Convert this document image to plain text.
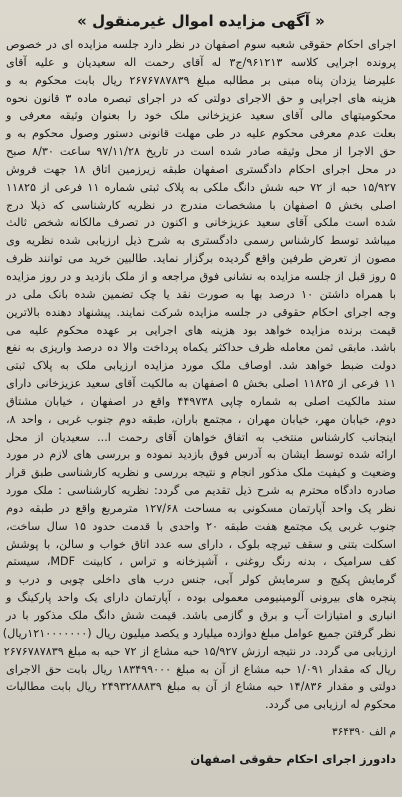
« آگهی مزایده اموال غیرمنقول »
اجرای احکام حقوقی شعبه سوم اصفهان در نظر دارد جلسه مزایده ای در خصوص
پرونده اجرایی کلاسه ۹۶۱۲۱۳/ج۳ له آقای رحمت اله سعیدیان و علیه آقای
علیرضا یزدان پناه مبنی بر مطالبه مبلغ ۲۶۷۶۷۸۷۸۳۹ ریال بابت محکوم به و
هزینه های اجرایی و حق الاجرای دولتی که در اجرای تبصره ماده ۳ قانون نحوه
محکومیتهای مالی آقای سعید عزیزخانی ملک خود را بعنوان وثیقه معرفی و
بعلت عدم معرفی محکوم علیه در طی مهلت قانونی دستور وصول محکوم به و
حق الاجرا از محل وثیقه صادر شده است در تاریخ ۹۷/۱۱/۲۸ ساعت ۸/۳۰ صبح
در محل اجرای احکام دادگستری اصفهان طبقه زیرزمین اتاق ۱۸ جهت فروش
۱۵/۹۲۷ حبه از ۷۲ حبه شش دانگ ملکی به پلاک ثبتی شماره ۱۱ فرعی از ۱۱۸۲۵
اصلی بخش ۵ اصفهان با مشخصات مندرج در نظریه کارشناسی که ذیلا درج
شده است ملکی آقای سعید عزیزخانی و اکنون در تصرف مالکانه شخص ثالث
میباشد توسط کارشناس رسمی دادگستری به شرح ذیل ارزیابی شده نظریه وی
مصون از تعرض طرفین واقع گردیده برگزار نماید. طالبین خرید می توانند ظرف
۵ روز قبل از جلسه مزایده به نشانی فوق مراجعه و از ملک بازدید و در روز مزایده
با همراه داشتن ۱۰ درصد بها به صورت نقد یا چک تضمین شده بانک ملی در
وجه اجرای احکام حقوقی در جلسه مزایده شرکت نمایند. پیشنهاد دهنده بالاترین
قیمت برنده مزایده خواهد بود هزینه های اجرایی بر عهده محکوم علیه می
باشد. مابقی ثمن معامله ظرف حداکثر یکماه پرداخت والا ده درصد واریزی به نفع
دولت ضبط خواهد شد. اوصاف ملک مورد مزایده ارزیابی ملک به پلاک ثبتی
۱۱ فرعی از ۱۱۸۲۵ اصلی بخش ۵ اصفهان به مالکیت آقای سعید عزیزخانی دارای
سند مالکیت اصلی به شماره چاپی ۴۴۹۷۳۸ واقع در اصفهان ، خیابان مشتاق
دوم، خیابان مهر، خیابان مهران ، مجتمع باران، طبقه دوم جنوب غربی ، واحد ۸،
اینجانب کارشناس منتخب به اتفاق خواهان آقای رحمت ا... سعیدیان از محل
ارائه شده توسط ایشان به آدرس فوق بازدید نموده و بررسی های لازم در مورد
وضعیت و کیفیت ملک مذکور انجام و نتیجه بررسی و نظریه کارشناسی طبق قرار
صادره دادگاه محترم به شرح ذیل تقدیم می گردد: نظریه کارشناسی : ملک مورد
نظر یک واحد آپارتمان مسکونی به مساحت ۱۲۷/۶۸ مترمربع واقع در طبقه دوم
جنوب غربی یک مجتمع هفت طبقه ۲۰ واحدی با قدمت حدود ۱۵ سال ساخت،
اسکلت بتنی و سقف تیرچه بلوک ، دارای سه عدد اتاق خواب و سالن، با پوشش
کف سرامیک ، بدنه رنگ روغنی ، آشپزخانه و تراس ، کابینت MDF، سیستم
گرمایش پکیج و سرمایش کولر آبی، جنس درب های داخلی چوبی و درب و
پنجره های بیرونی آلومینیومی معمولی بوده ، آپارتمان دارای یک واحد پارکینگ و
انباری و امتیازات آب و برق و گازمی باشد. قیمت شش دانگ ملک مذکور با در
نظر گرفتن جمیع عوامل مبلغ دوازده میلیارد و یکصد میلیون ریال (۱۲۱۰۰۰۰۰۰۰ریال)
ارزیابی می گردد. در نتیجه ارزش ۱۵/۹۲۷ حبه مشاع از ۷۲ حبه به مبلغ ۲۶۷۶۷۸۷۸۳۹
ریال که مقدار ۱/۰۹۱ حبه مشاع از آن به مبلغ ۱۸۳۴۹۹۰۰۰ ریال بابت حق الاجرای
دولتی و مقدار ۱۴/۸۳۶ حبه مشاع از آن به مبلغ ۲۴۹۳۲۸۸۸۳۹ ریال بابت مطالبات
محکوم له ارزیابی می گردد.
م الف ۳۶۴۳۹۰
دادورز اجرای احکام حقوقی اصفهان
